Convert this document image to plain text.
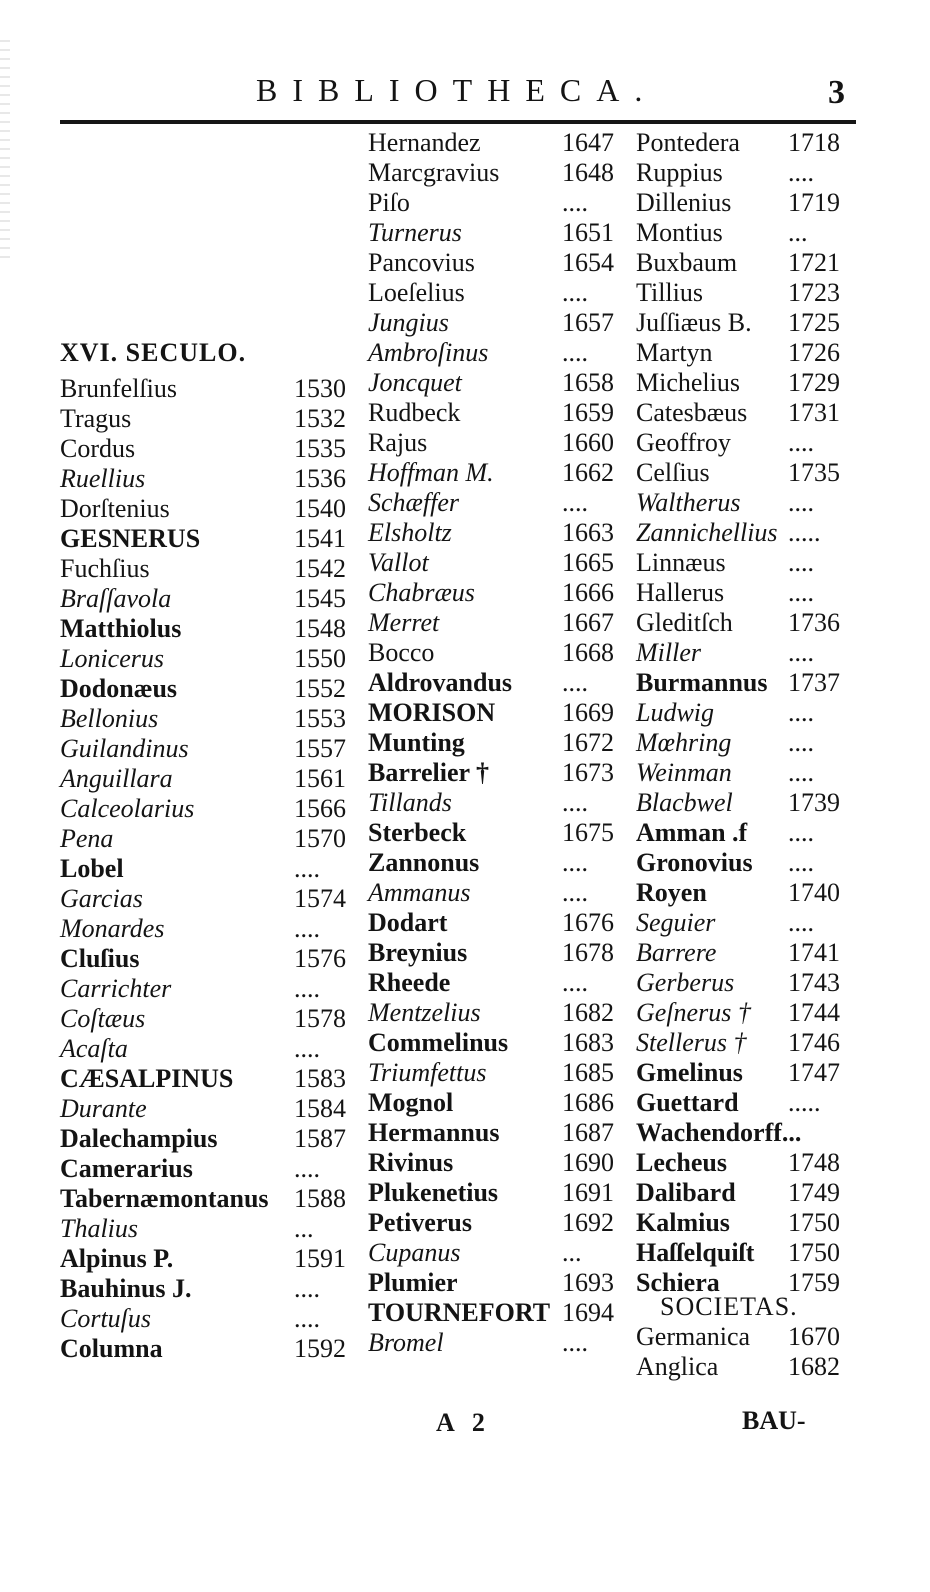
BIBLIOTHECA.	3
XVI. SECULO.
Brunfelſius	1530
Tragus	1532
Cordus	1535
Ruellius	1536
Dorſtenius	1540
GESNERUS	1541
Fuchſius	1542
Braſſavola	1545
Matthiolus	1548
Lonicerus	1550
Dodonæus	1552
Bellonius	1553
Guilandinus	1557
Anguillara	1561
Calceolarius	1566
Pena	1570
Lobel	....
Garcias	1574
Monardes	....
Cluſius	1576
Carrichter	....
Coſtæus	1578
Acaſta	....
CÆSALPINUS 1583
Durante	1584
Dalechampius	1587
Camerarius	....
Tabernæmontanus 1588
Thalius	...
Alpinus P.	1591
Bauhinus J.	....
Cortuſus	....
Columna	1592
Hernandez	1647
Marcgravius 1648
Piſo	....
Turnerus	1651
Pancovius	1654
Loeſelius	....
Jungius	1657
Ambroſinus	....
Joncquet	1658
Rudbeck	1659
Rajus	1660
Hoffman M.	1662
Schæffer	....
Elsholtz	1663
Vallot	1665
Chabræus	1666
Merret	1667
Bocco	1668
Aldrovandus ....
MORISON	1669
Munting	1672
Barrelier †	1673
Tillands	....
Sterbeck	1675
Zannonus	....
Ammanus	....
Dodart	1676
Breynius	1678
Rheede	....
Mentzelius	1682
Commelinus 1683
Triumfettus	1685
Mognol	1686
Hermannus 1687
Rivinus	1690
Plukenetius 1691
Petiverus	1692
Cupanus	...
Plumier	1693
TOURNEFORT 1694
Bromel	....
Pontedera 1718
Ruppius	....
Dillenius 1719
Montius	...
Buxbaum 1721
Tillius	1723
Juſſiæus B. 1725
Martyn	1726
Michelius 1729
Catesbæus 1731
Geoffroy ....
Celſius	1735
Waltherus ....
Zannichellius .....
Linnæus ....
Hallerus ....
Gleditſch 1736
Miller	....
Burmannus 1737
Ludwig	....
Mœhring ....
Weinman ....
Blacbwel 1739
Amman .f ....
Gronovius ....
Royen	1740
Seguier	....
Barrere	1741
Gerberus 1743
Geſnerus † 1744
Stellerus † 1746
Gmelinus 1747
Guettard .....
Wachendorff...
Lecheus 1748
Dalibard 1749
Kalmius 1750
Haſſelquiſt 1750
Schiera	1759
SOCIETAS.
Germanica 1670
Anglica	1682
A 2	BAU-
